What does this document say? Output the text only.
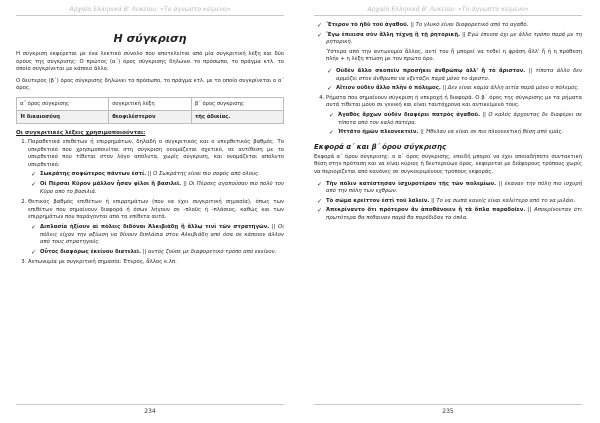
Αρχαία Ελληνικά Β' Λυκείου: «Το άγνωστο κείμενο»
Η σύγκριση

Η σύγκριση εκφέρεται με ένα λεκτικό σύνολο που αποτελείται από μία συγκριτική λέξη και δύο όρους της σύγκρισης: Ο πρώτος (α΄) όρος σύγκρισης δηλώνει το πρόσωπο, το πράγμα κτλ. το οποίο συγκρίνεται με κάποιο άλλο.

Ο δεύτερος (β΄) όρος σύγκρισης δηλώνει το πρόσωπο, το πράγμα κτλ. με το οποίο συγκρίνεται ο α΄ όρος.

α΄ όρος σύγκρισης	συγκριτική λέξη	β΄ όρος σύγκρισης
Ἡ δικαιοσύνη	θεοφιλέστερον	τῆς ἀδικίας.
Οι συγκριτικές λέξεις χρησιμοποιούνται:
1. Παραθετικά επιθέτων ή επιρρημάτων, δηλαδή ο συγκριτικός και ο υπερθετικός βαθμός. Το υπερθετικό που χρησιμοποιείται στη σύγκριση ονομάζεται σχετικό, σε αντίθεση με το υπερθετικό που τίθεται στον λόγο απόλυτα, χωρίς σύγκριση, και ονομάζεται απόλυτο υπερθετικό:
✓ Σωκράτης σοφώτερος πάντων ἐστί. || Ο Σωκράτης είναι πιο σοφός από όλους.
✓ Οἱ Πέρσαι Κῦρον μᾶλλον ἧσαν φίλοι ἢ βασιλεῖ. || Οι Πέρσες αγαπούσαν πιο πολύ τον Κύρο από το βασιλιά.
2. Θετικός βαθμός επιθέτων ή επιρρημάτων (που να έχει συγκριτική σημασία), όπως των επιθέτων που σημαίνουν διαφορά ή όσων λήγουν σε -πλοῦς ή -πλάσιος, καθώς και των επιρρημάτων που παράγονται από τα επίθετα αυτά.
✓ Διπλασία ἠξίουν αἱ πόλεις διδόναι Ἀλκιβιάδῃ ἢ ἄλλῳ τινὶ τῶν στρατηγῶν. || Οι πόλεις είχαν την αξίωση να δίνουν διπλάσια στον Αλκιβιάδη από όσα σε κάποιον άλλον από τους στρατηγούς.
✓ Οὗτος διαφόρως ἐκείνου διατελεῖ. || αυτός ζούσε με διαφορετικό τρόπο από εκείνον.
3. Αντωνυμία με συγκριτική σημασία: Έτερος, ἄλλος κ.λπ.
234
Αρχαία Ελληνικά Β' Λυκείου: «Το άγνωστο κείμενο»
✓ Ἕτερον τὸ ἡδὺ τοῦ ἀγαθοῦ. || Το γλυκό είναι διαφορετικό από το αγαθό.
✓ Ἔγω ἐπιεισα σὺν ἄλλη τέχνῃ ἢ τῇ ῥητορικῇ. || Εγώ έπεισα όχι με άλλο τρόπο παρά με τη ρητορική.

Ύστερα από την αντωνυμία ἄλλος, αντί του ἤ μπορεί να τεθεί η φράση ἄλλ' ἤ ή η πρόθεση πλήν + η λέξη πτώση με τον πρώτο όρο.

✓ Οὐδὲν ἄλλο σκοπεῖν προσήκει ἀνθρώπῳ ἀλλ' ἢ τὸ ἄριστον. || τίποτα άλλο δεν αρμόζει στον άνθρωπο να εξετάζει παρά μόνο το άριστο.
✓ Αἴτιον οὐδὲν ἄλλο πλὴν ὁ πόλεμος. || Δεν είναι καμία άλλη αιτία παρά μόνο ο πόλεμος.
4. Ρήματα που σημαίνουν σύγκριση ή υπεροχή ή διαφορά. Ο β΄ όρος της σύγκρισης με τα ρήματα αυτά τίθεται μόνο σε γενική και είναι ταυτόχρονα και αντικείμενό τους.
✓ Ἀγαθὸς ἄρχων οὐδὲν διαφέρει πατρὸς ἀγαθοῦ. || Ο καλός άρχοντας δε διαφέρει σε τίποτα από τον καλό πατέρα.
✓ Ἡττᾶτο ἡμῶν πλεονεκτεῖν. || Ήθελαν να είναι σε πιο πλεονεκτική θέση από εμάς.
Εκφορά α΄ και β΄ όρου σύγκρισης

Εκφορά α΄ όρου σύγκρισης: ο α΄ όρος σύγκρισης, επειδή μπορεί να έχει οποιαδήποτε συντακτική θέση στην πρόταση και να είναι κύριος ή δευτερεύων όρος, εκφέρεται με διάφορους τρόπους χωρίς να περιορίζεται από κανόνες σε συγκεκριμένους τρόπους εκφοράς.

✓ Τὴν πόλιν κατέστησαν ἰσχυροτέραν τῆς τῶν πολεμίων. || έκαναν την πόλη πιο ισχυρή από την πόλη των εχθρών.
✓ Τὸ σῶμα κρεῖττον ἐστὶ τοῦ λαλεῖν. || Το να σωπά κανείς είναι καλύτερο από το να μιλάει.
✓ Ἀπεκρίναντο ὅτι πρότερον ἂν ἀποθάνοιεν ἢ τὰ ὅπλα παραδοῖεν. || Αποκρίνονταν ότι πρωτύτερα θα πέθαιναν παρά θα παρέδιδαν τα όπλα.
235
